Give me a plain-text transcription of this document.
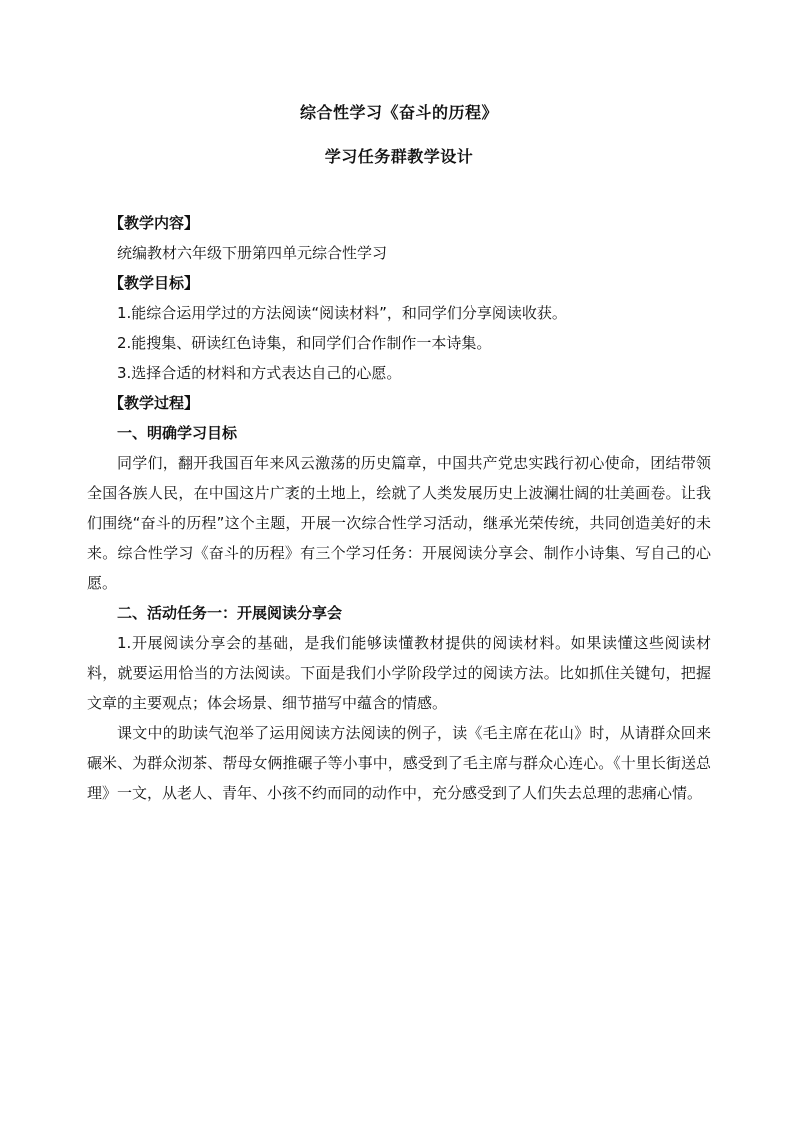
综合性学习《奋斗的历程》
学习任务群教学设计

【教学内容】

统编教材六年级下册第四单元综合性学习

【教学目标】

1.能综合运用学过的方法阅读“阅读材料”，和同学们分享阅读收获。

2.能搜集、研读红色诗集，和同学们合作制作一本诗集。

3.选择合适的材料和方式表达自己的心愿。

【教学过程】

一、明确学习目标

同学们，翻开我国百年来风云激荡的历史篇章，中国共产党忠实践行初心使命，团结带领全国各族人民，在中国这片广袤的土地上，绘就了人类发展历史上波澜壮阔的壮美画卷。让我们围绕“奋斗的历程”这个主题，开展一次综合性学习活动，继承光荣传统，共同创造美好的未来。综合性学习《奋斗的历程》有三个学习任务：开展阅读分享会、制作小诗集、写自己的心愿。

二、活动任务一：开展阅读分享会

1.开展阅读分享会的基础，是我们能够读懂教材提供的阅读材料。如果读懂这些阅读材料，就要运用恰当的方法阅读。下面是我们小学阶段学过的阅读方法。比如抓住关键句，把握文章的主要观点；体会场景、细节描写中蕴含的情感。

课文中的助读气泡举了运用阅读方法阅读的例子，读《毛主席在花山》时，从请群众回来碾米、为群众沏茶、帮母女俩推碾子等小事中，感受到了毛主席与群众心连心。《十里长街送总理》一文，从老人、青年、小孩不约而同的动作中，充分感受到了人们失去总理的悲痛心情。
